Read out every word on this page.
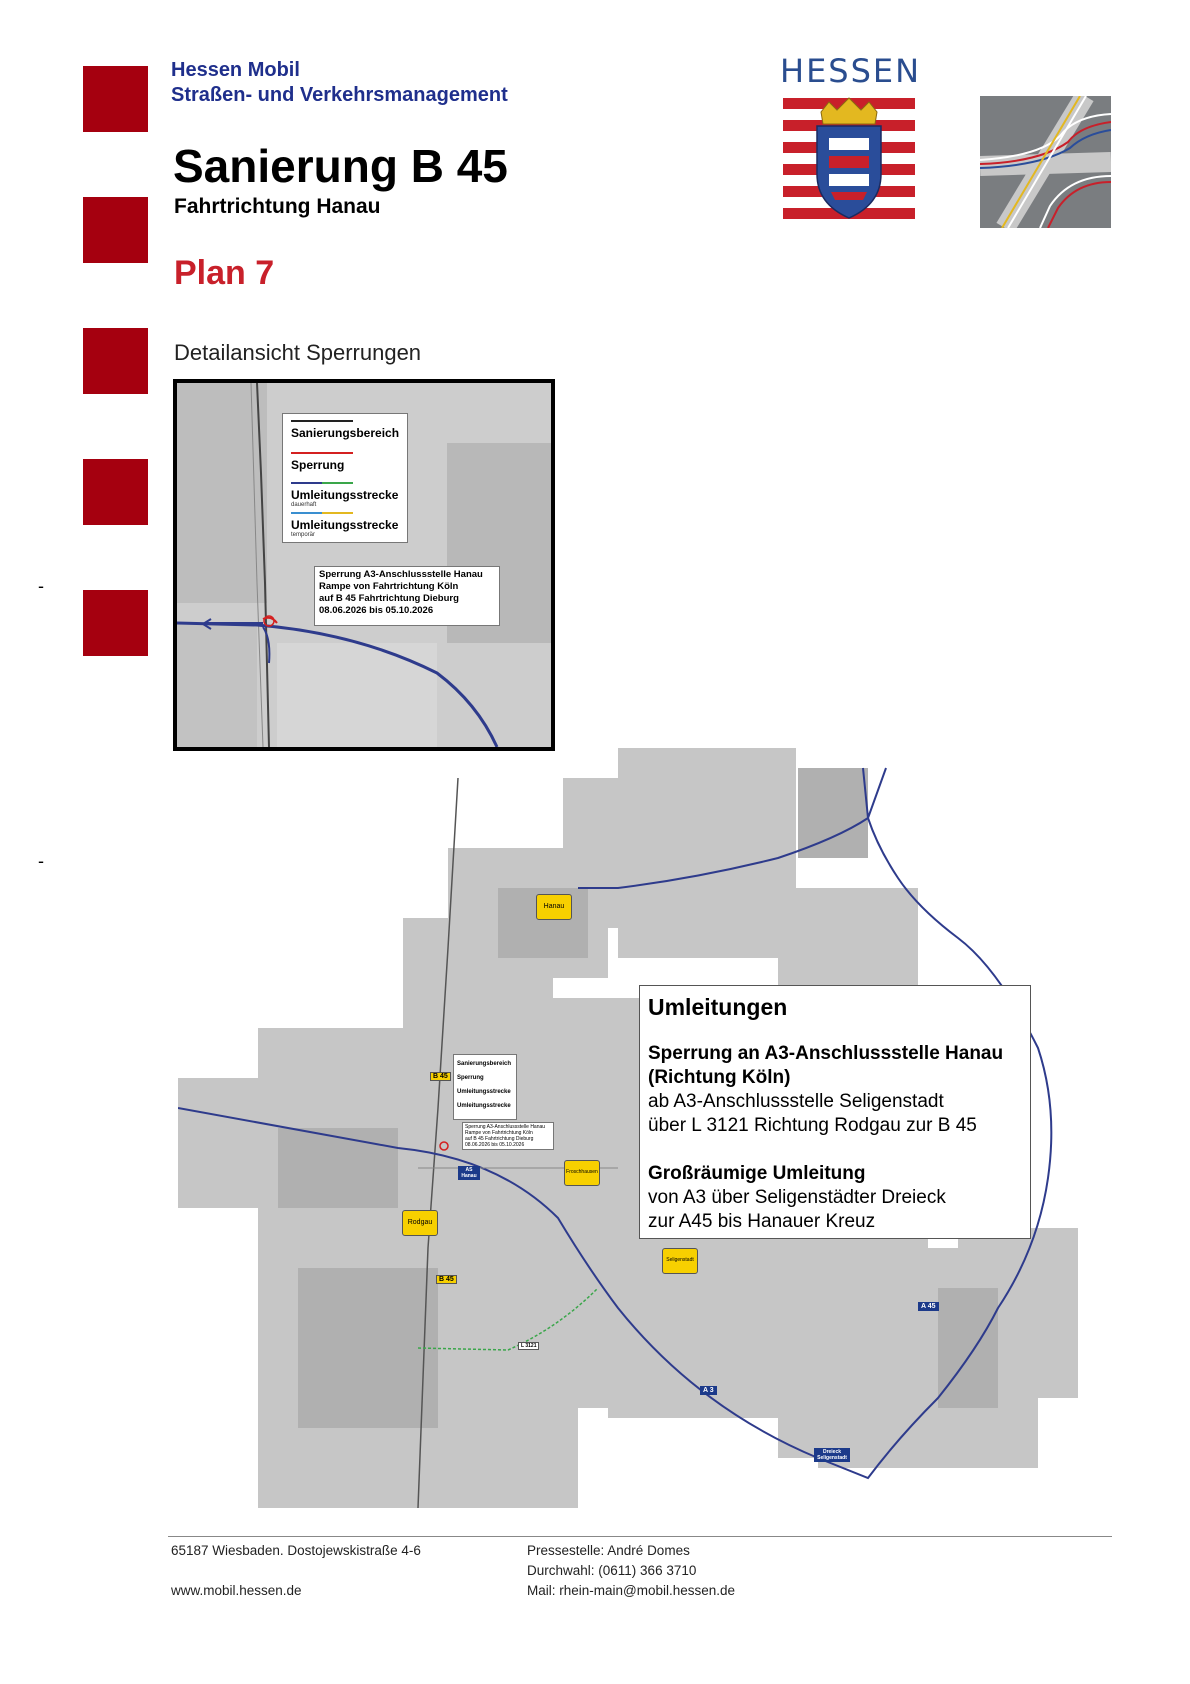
-
-
Hessen Mobil
Straßen- und Verkehrsmanagement
Sanierung B 45
Fahrtrichtung Hanau
Plan 7
Detailansicht Sperrungen
HESSEN
Sanierungsbereich
Sperrung
Umleitungsstrecke
dauerhaft
Umleitungsstrecke
temporär
Sperrung A3-Anschlussstelle Hanau
Rampe von Fahrtrichtung Köln
auf B 45 Fahrtrichtung Dieburg
08.06.2026 bis 05.10.2026
Sanierungsbereich
Sperrung
Umleitungsstrecke
Umleitungsstrecke
Sperrung A3-Anschlussstelle Hanau
Rampe von Fahrtrichtung Köln
auf B 45 Fahrtrichtung Dieburg
08.06.2026 bis 05.10.2026
Hanau
Rodgau
Froschhausen
Seligenstadt
B 45
B 45
A 3
A 45
AS Hanau
Dreieck Seligenstadt
L 3121
Umleitungen
Sperrung an A3-Anschlussstelle Hanau
(Richtung Köln)
ab A3-Anschlussstelle Seligenstadt
über L 3121 Richtung Rodgau zur B 45
Großräumige Umleitung
von A3 über Seligenstädter Dreieck
zur A45 bis Hanauer Kreuz
65187 Wiesbaden. Dostojewskistraße 4-6
www.mobil.hessen.de
Pressestelle: André Domes
Durchwahl: (0611) 366 3710
Mail: rhein-main@mobil.hessen.de
